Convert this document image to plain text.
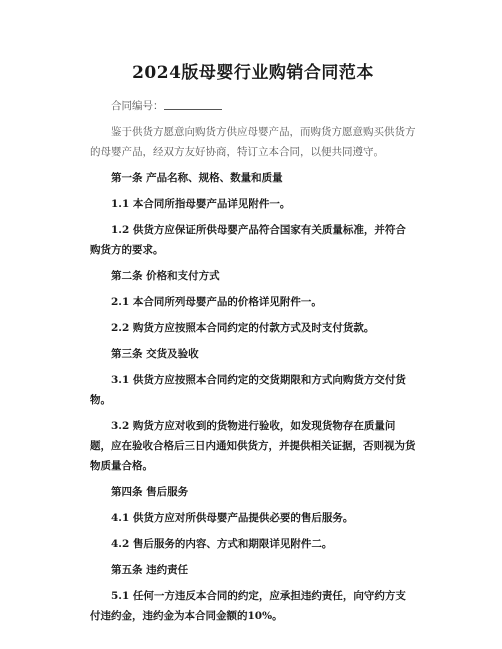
2024版母婴行业购销合同范本
合同编号：
鉴于供货方愿意向购货方供应母婴产品，而购货方愿意购买供货方的母婴产品，经双方友好协商，特订立本合同，以便共同遵守。
第一条 产品名称、规格、数量和质量
1.1 本合同所指母婴产品详见附件一。
1.2 供货方应保证所供母婴产品符合国家有关质量标准，并符合购货方的要求。
第二条 价格和支付方式
2.1 本合同所列母婴产品的价格详见附件一。
2.2 购货方应按照本合同约定的付款方式及时支付货款。
第三条 交货及验收
3.1 供货方应按照本合同约定的交货期限和方式向购货方交付货物。
3.2 购货方应对收到的货物进行验收，如发现货物存在质量问题，应在验收合格后三日内通知供货方，并提供相关证据，否则视为货物质量合格。
第四条 售后服务
4.1 供货方应对所供母婴产品提供必要的售后服务。
4.2 售后服务的内容、方式和期限详见附件二。
第五条 违约责任
5.1 任何一方违反本合同的约定，应承担违约责任，向守约方支付违约金，违约金为本合同金额的10%。
